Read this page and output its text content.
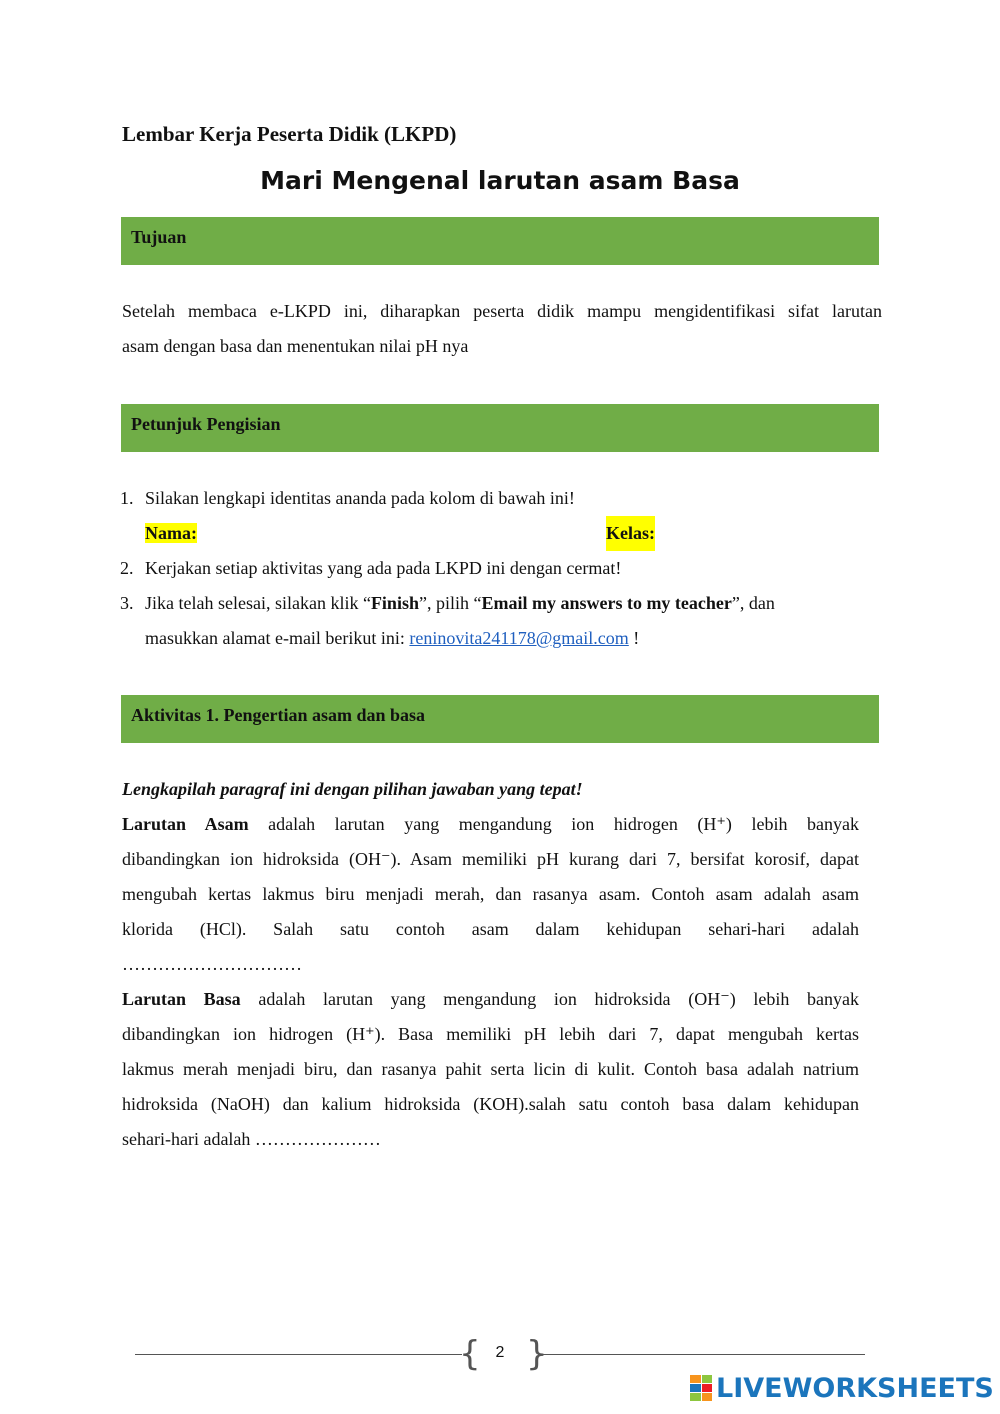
Lembar Kerja Peserta Didik (LKPD)
Mari Mengenal larutan asam Basa
Tujuan
Setelah membaca e-LKPD ini, diharapkan peserta didik mampu mengidentifikasi sifat larutan
asam dengan basa dan menentukan nilai pH nya
Petunjuk Pengisian
1. Silakan lengkapi identitas ananda pada kolom di bawah ini!
Nama:	Kelas:
2. Kerjakan setiap aktivitas yang ada pada LKPD ini dengan cermat!
3. Jika telah selesai, silakan klik “Finish”, pilih “Email my answers to my teacher”, dan
masukkan alamat e-mail berikut ini: reninovita241178@gmail.com !
Aktivitas 1. Pengertian asam dan basa
Lengkapilah paragraf ini dengan pilihan jawaban yang tepat!
Larutan Asam adalah larutan yang mengandung ion hidrogen (H⁺) lebih banyak
dibandingkan ion hidroksida (OH⁻). Asam memiliki pH kurang dari 7, bersifat korosif, dapat
mengubah kertas lakmus biru menjadi merah, dan rasanya asam. Contoh asam adalah asam
klorida (HCl). Salah satu contoh asam dalam kehidupan sehari-hari adalah
…………………………
Larutan Basa adalah larutan yang mengandung ion hidroksida (OH⁻) lebih banyak
dibandingkan ion hidrogen (H⁺). Basa memiliki pH lebih dari 7, dapat mengubah kertas
lakmus merah menjadi biru, dan rasanya pahit serta licin di kulit. Contoh basa adalah natrium
hidroksida (NaOH) dan kalium hidroksida (KOH).salah satu contoh basa dalam kehidupan
sehari-hari adalah …………………
{ }
2
LIVEWORKSHEETS
